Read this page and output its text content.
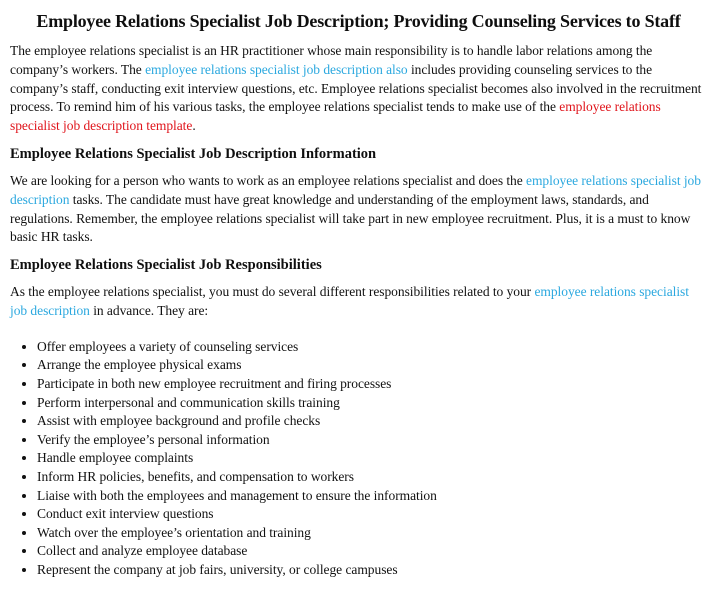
Employee Relations Specialist Job Description; Providing Counseling Services to Staff

The employee relations specialist is an HR practitioner whose main responsibility is to handle labor relations among the company’s workers. The employee relations specialist job description also includes providing counseling services to the company’s staff, conducting exit interview questions, etc. Employee relations specialist becomes also involved in the recruitment process. To remind him of his various tasks, the employee relations specialist tends to make use of the employee relations specialist job description template.

Employee Relations Specialist Job Description Information

We are looking for a person who wants to work as an employee relations specialist and does the employee relations specialist job description tasks. The candidate must have great knowledge and understanding of the employment laws, standards, and regulations. Remember, the employee relations specialist will take part in new employee recruitment. Plus, it is a must to know basic HR tasks.

Employee Relations Specialist Job Responsibilities

As the employee relations specialist, you must do several different responsibilities related to your employee relations specialist job description in advance. They are:

• Offer employees a variety of counseling services
• Arrange the employee physical exams
• Participate in both new employee recruitment and firing processes
• Perform interpersonal and communication skills training
• Assist with employee background and profile checks
• Verify the employee’s personal information
• Handle employee complaints
• Inform HR policies, benefits, and compensation to workers
• Liaise with both the employees and management to ensure the information
• Conduct exit interview questions
• Watch over the employee’s orientation and training
• Collect and analyze employee database
• Represent the company at job fairs, university, or college campuses
